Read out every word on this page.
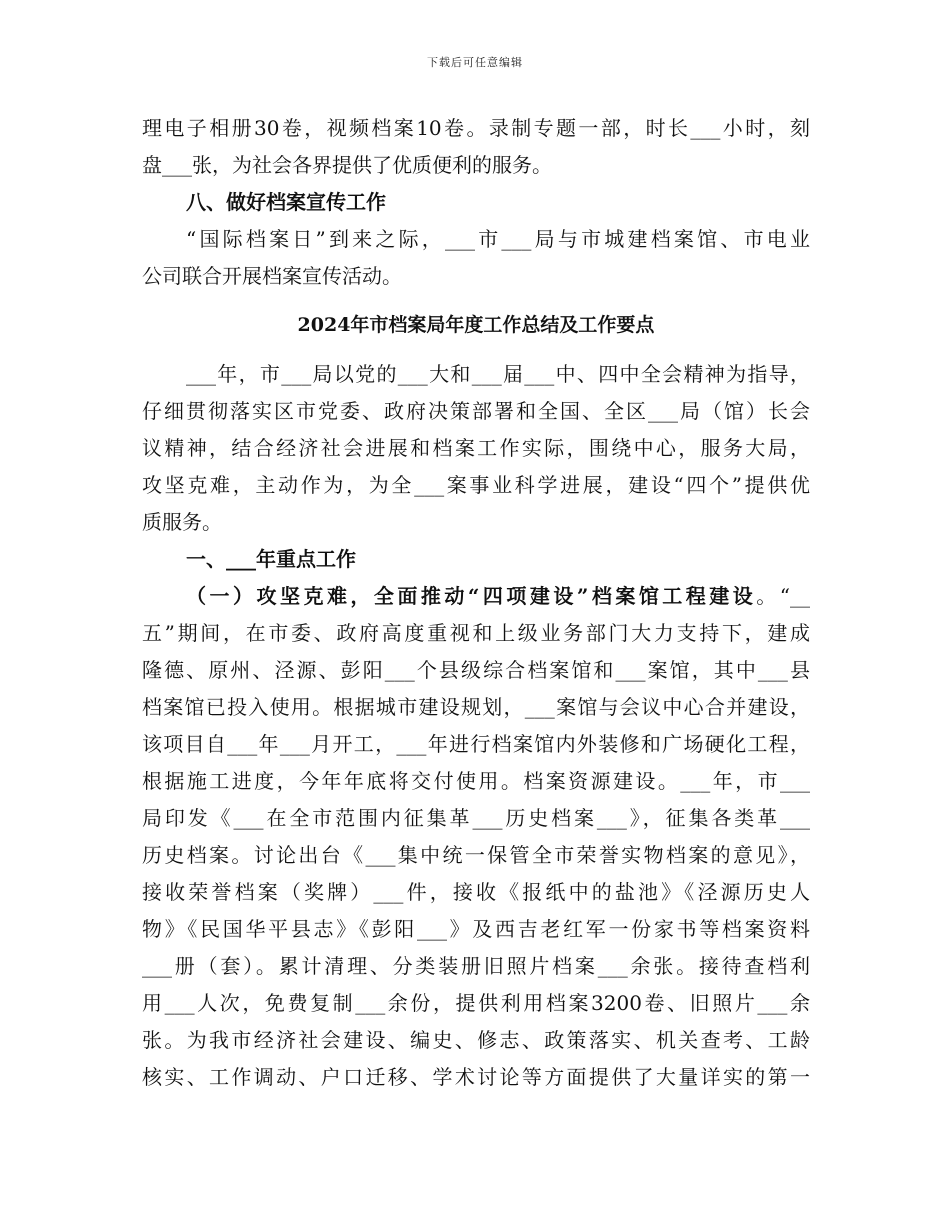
下载后可任意编辑
理电子相册30卷，视频档案10卷。录制专题一部，时长___小时，刻
盘___张，为社会各界提供了优质便利的服务。
八、做好档案宣传工作
“国际档案日”到来之际，___市___局与市城建档案馆、市电业
公司联合开展档案宣传活动。
2024年市档案局年度工作总结及工作要点
___年，市___局以党的___大和___届___中、四中全会精神为指导，
仔细贯彻落实区市党委、政府决策部署和全国、全区___局（馆）长会
议精神，结合经济社会进展和档案工作实际，围绕中心，服务大局，
攻坚克难，主动作为，为全___案事业科学进展，建设“四个”提供优
质服务。
一、___年重点工作
（一）攻坚克难，全面推动“四项建设”档案馆工程建设。“__
五”期间，在市委、政府高度重视和上级业务部门大力支持下，建成
隆德、原州、泾源、彭阳___个县级综合档案馆和___案馆，其中___县
档案馆已投入使用。根据城市建设规划，___案馆与会议中心合并建设，
该项目自___年___月开工，___年进行档案馆内外装修和广场硬化工程，
根据施工进度，今年年底将交付使用。档案资源建设。___年，市___
局印发《___在全市范围内征集革___历史档案___》，征集各类革___
历史档案。讨论出台《___集中统一保管全市荣誉实物档案的意见》，
接收荣誉档案（奖牌）___件，接收《报纸中的盐池》《泾源历史人
物》《民国华平县志》《彭阳___》及西吉老红军一份家书等档案资料
___册（套）。累计清理、分类装册旧照片档案___余张。接待查档利
用___人次，免费复制___余份，提供利用档案3200卷、旧照片___余
张。为我市经济社会建设、编史、修志、政策落实、机关查考、工龄
核实、工作调动、户口迁移、学术讨论等方面提供了大量详实的第一
